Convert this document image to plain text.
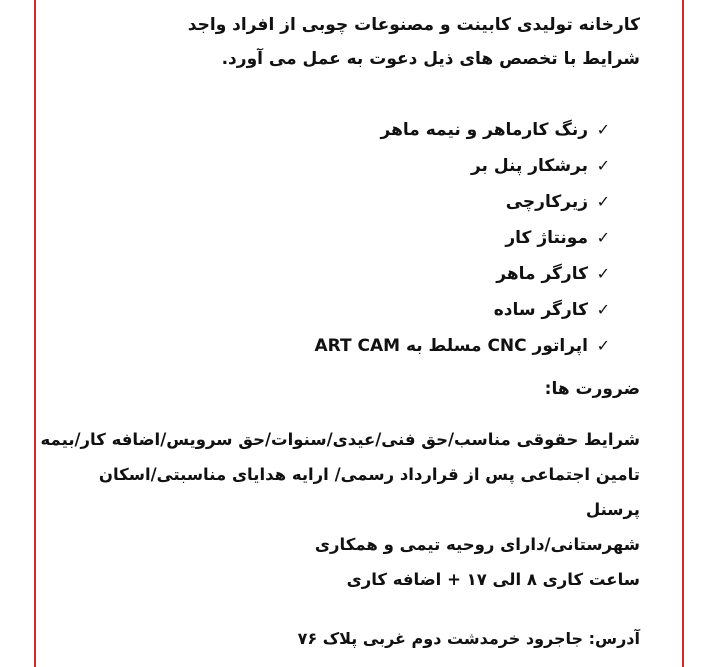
کارخانه تولیدی کابینت و مصنوعات چوبی از افراد واجد
شرایط با تخصص های ذیل دعوت به عمل می آورد.
✓
رنگ کارماهر و نیمه ماهر
✓
برشکار پنل بر
✓
زیرکارچی
✓
مونتاژ کار
✓
کارگر ماهر
✓
کارگر ساده
✓
اپراتور CNC مسلط به ART CAM
ضرورت ها:
شرایط حقوقی مناسب/حق فنی/عیدی/سنوات/حق سرویس/اضافه کار/بیمه
تامین اجتماعی پس از قرارداد رسمی/ ارایه هدایای مناسبتی/اسکان پرسنل
شهرستانی/دارای روحیه تیمی و همکاری
ساعت کاری ۸ الی ۱۷ + اضافه کاری
آدرس: جاجرود خرمدشت دوم غربی پلاک ۷۶
